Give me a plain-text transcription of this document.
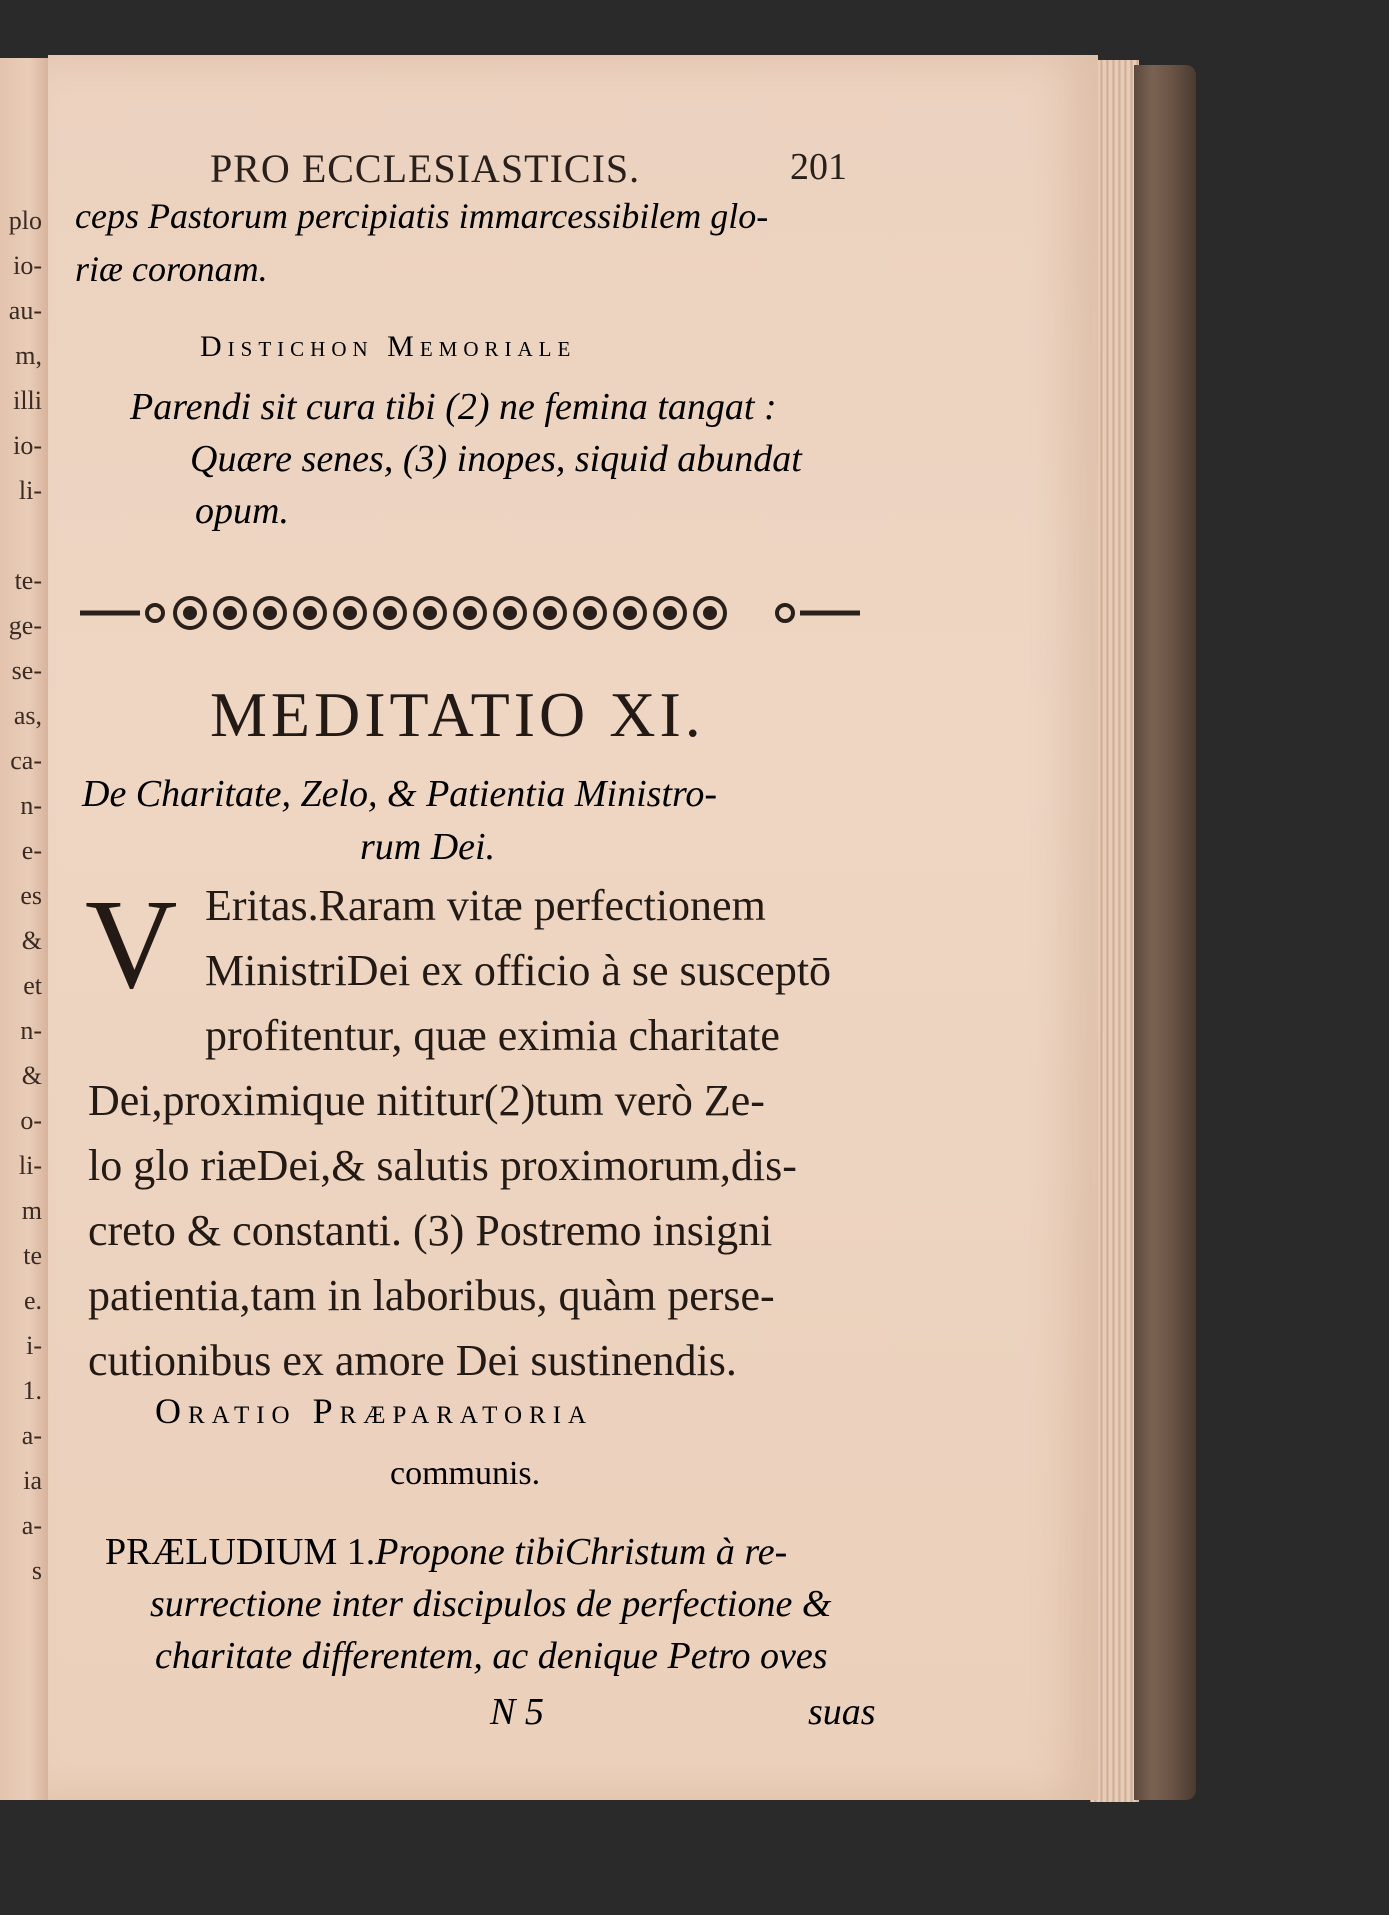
plo
io-
au-
m,
illi
io-
li-
te-
ge-
se-
as,
ca-
n-
e-
es
&
et
n-
&
o-
li-
m
te
e.
i-
1.
a-
ia
a-
s
PRO ECCLESIASTICIS.	201
ceps Pastorum percipiatis immarcessibilem glo-
riæ coronam.
Distichon Memoriale
Parendi sit cura tibi (2) ne femina tangat :
Quære senes, (3) inopes, siquid abundat
opum.
MEDITATIO XI.
De Charitate, Zelo, & Patientia Ministro-
rum Dei.
V Eritas.Raram vitæ perfectionem
MinistriDei ex officio à se susceptō
profitentur, quæ eximia charitate
Dei,proximique nititur(2)tum verò Ze-
lo glo riæDei,& salutis proximorum,dis-
creto & constanti. (3) Postremo insigni
patientia,tam in laboribus, quàm perse-
cutionibus ex amore Dei sustinendis.
Oratio Præparatoria
communis.
PRÆLUDIUM 1.Propone tibiChristum à re-
surrectione inter discipulos de perfectione &
charitate differentem, ac denique Petro oves
N 5	suas
